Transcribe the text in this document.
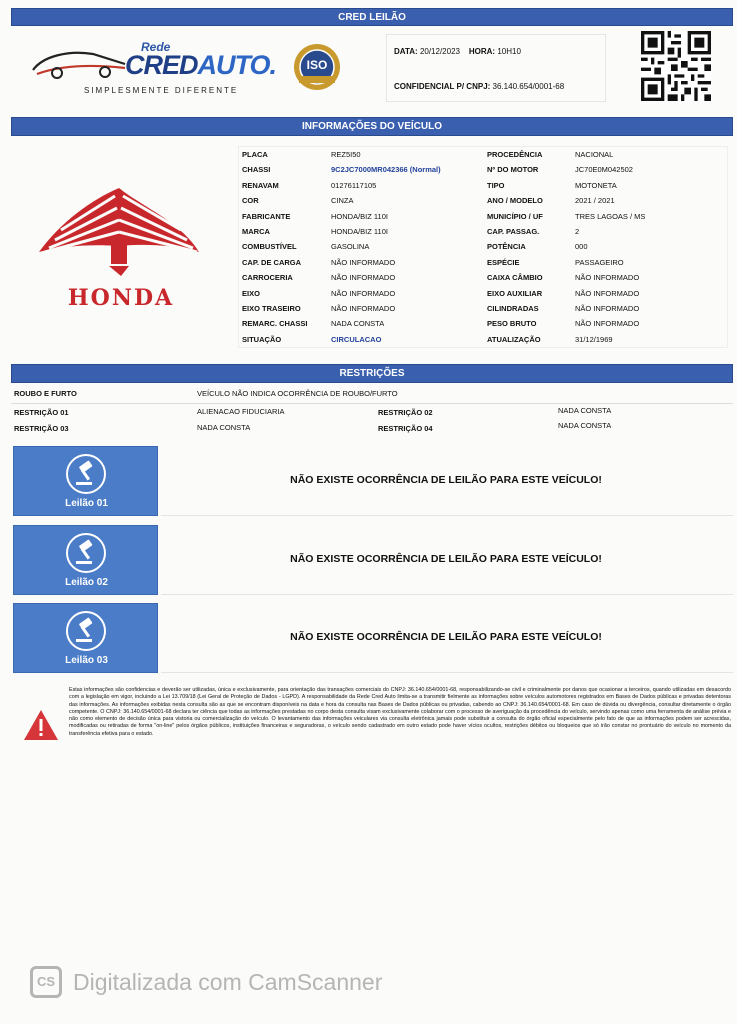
CRED LEILÃO
Rede
CREDAUTO.
SIMPLESMENTE DIFERENTE
ISO
DATA: 20/12/2023 HORA: 10H10
CONFIDENCIAL P/ CNPJ: 36.140.654/0001-68
INFORMAÇÕES DO VEÍCULO
HONDA
PLACA	REZ5I50	PROCEDÊNCIA	NACIONAL
CHASSI	9C2JC7000MR042366 (Normal)	Nº DO MOTOR	JC70E0M042502
RENAVAM	01276117105	TIPO	MOTONETA
COR	CINZA	ANO / MODELO	2021 / 2021
FABRICANTE	HONDA/BIZ 110I	MUNICÍPIO / UF	TRES LAGOAS / MS
MARCA	HONDA/BIZ 110I	CAP. PASSAG.	2
COMBUSTÍVEL	GASOLINA	POTÊNCIA	000
CAP. DE CARGA	NÃO INFORMADO	ESPÉCIE	PASSAGEIRO
CARROCERIA	NÃO INFORMADO	CAIXA CÂMBIO	NÃO INFORMADO
EIXO	NÃO INFORMADO	EIXO AUXILIAR	NÃO INFORMADO
EIXO TRASEIRO	NÃO INFORMADO	CILINDRADAS	NÃO INFORMADO
REMARC. CHASSI	NADA CONSTA	PESO BRUTO	NÃO INFORMADO
SITUAÇÃO	CIRCULACAO	ATUALIZAÇÃO	31/12/1969
RESTRIÇÕES
ROUBO E FURTO	VEÍCULO NÃO INDICA OCORRÊNCIA DE ROUBO/FURTO
RESTRIÇÃO 01	ALIENACAO FIDUCIARIA	RESTRIÇÃO 02	NADA CONSTA
RESTRIÇÃO 03	NADA CONSTA	RESTRIÇÃO 04	NADA CONSTA
Leilão 01
NÃO EXISTE OCORRÊNCIA DE LEILÃO PARA ESTE VEÍCULO!
Leilão 02
NÃO EXISTE OCORRÊNCIA DE LEILÃO PARA ESTE VEÍCULO!
Leilão 03
NÃO EXISTE OCORRÊNCIA DE LEILÃO PARA ESTE VEÍCULO!

Estas informações são confidencias e deverão ser utilizadas, única e exclusivamente, para orientação das transações comerciais do CNPJ: 36.140.654/0001-68, responsabilizando-se civil e criminalmente por danos que ocasionar a terceiros, quando utilizadas em desacordo com a legislação em vigor, incluindo a Lei 13.709/18 (Lei Geral de Proteção de Dados - LGPD). A responsabilidade da Rede Cred Auto limita-se a transmitir fielmente as informações sobre veículos automotores registrados em Bases de Dados públicas e privadas detentoras das informações. As informações exibidas nesta consulta são as que se encontram disponíveis na data e hora da consulta nas Bases de Dados públicas ou privadas, cabendo ao CNPJ: 36.140.654/0001-68. Em caso de dúvida ou divergência, consultar diretamente o órgão competente. O CNPJ: 36.140.654/0001-68 declara ter ciência que todas as informações prestadas no corpo desta consulta visam exclusivamente colaborar com o processo de averiguação da procedência do veículo, servindo apenas como uma ferramenta de análise prévia e não como elemento de decisão única para vistoria ou comercialização do veículo. O levantamento das informações veiculares via consulta eletrônica jamais pode substituir a consulta do órgão oficial especialmente pelo fato de que as informações podem ser acrescidas, modificadas ou retiradas de forma "on-line" pelos órgãos públicos, instituições financeiras e seguradoras, o veículo sendo cadastrado em outro estado pode haver vícios ocultos, restrições débitos ou bloqueios que só irão constar no prontuário do veículo no momento da transferência efetiva para o estado.

CS Digitalizada com CamScanner
